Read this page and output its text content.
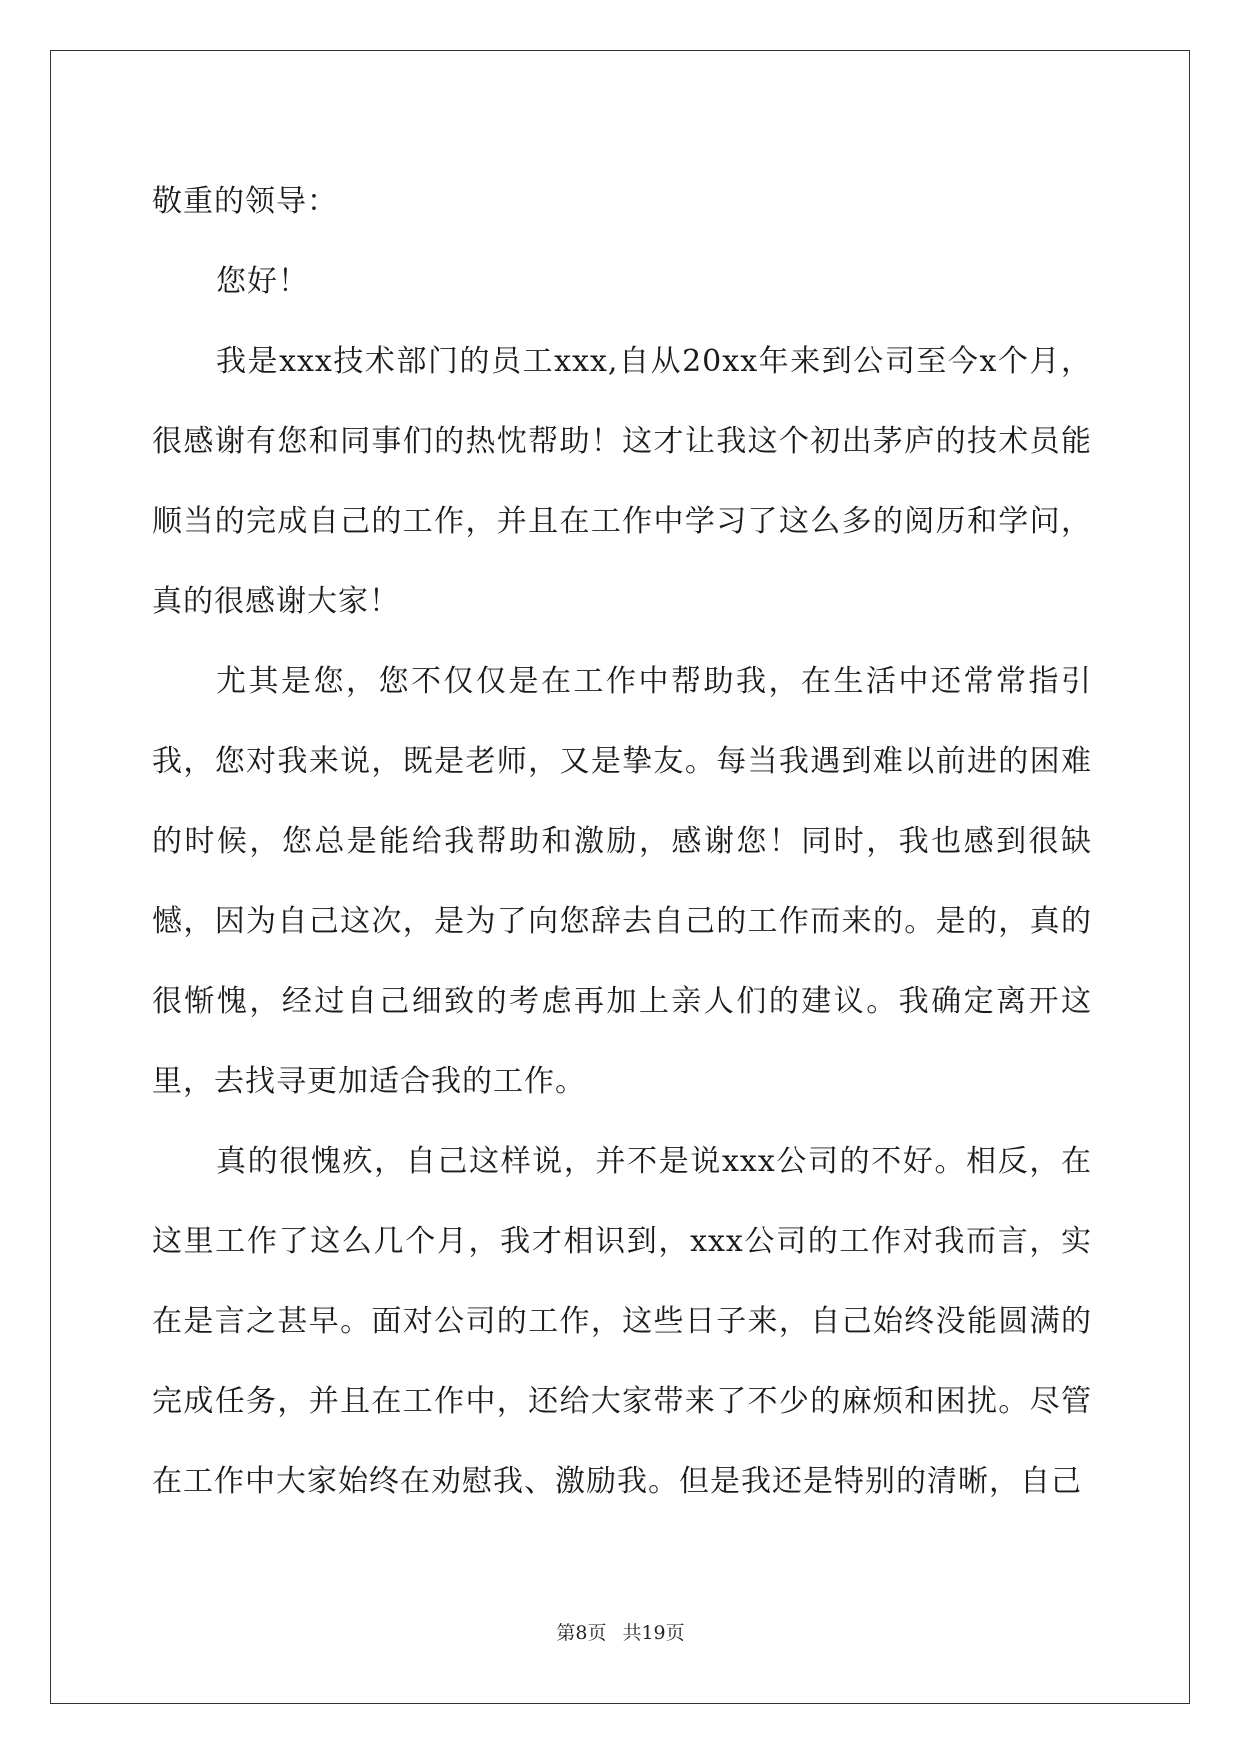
敬重的领导：

您好！

我是xxx技术部门的员工xxx,自从20xx年来到公司至今x个月，很感谢有您和同事们的热忱帮助！这才让我这个初出茅庐的技术员能顺当的完成自己的工作，并且在工作中学习了这么多的阅历和学问，真的很感谢大家！

尤其是您，您不仅仅是在工作中帮助我，在生活中还常常指引我，您对我来说，既是老师，又是挚友。每当我遇到难以前进的困难的时候，您总是能给我帮助和激励，感谢您！同时，我也感到很缺憾，因为自己这次，是为了向您辞去自己的工作而来的。是的，真的很惭愧，经过自己细致的考虑再加上亲人们的建议。我确定离开这里，去找寻更加适合我的工作。

真的很愧疚，自己这样说，并不是说xxx公司的不好。相反，在这里工作了这么几个月，我才相识到，xxx公司的工作对我而言，实在是言之甚早。面对公司的工作，这些日子来，自己始终没能圆满的完成任务，并且在工作中，还给大家带来了不少的麻烦和困扰。尽管在工作中大家始终在劝慰我、激励我。但是我还是特别的清晰，自己

第8页 共19页
